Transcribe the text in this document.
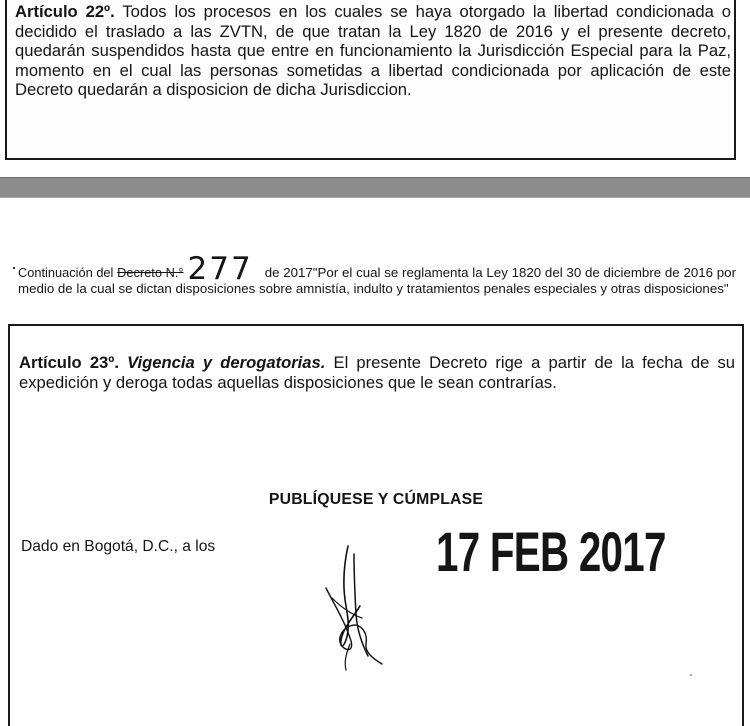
Artículo 22º. Todos los procesos en los cuales se haya otorgado la libertad condicionada o decidido el traslado a las ZVTN, de que tratan la Ley 1820 de 2016 y el presente decreto, quedarán suspendidos hasta que entre en funcionamiento la Jurisdicción Especial para la Paz, momento en el cual las personas sometidas a libertad condicionada por aplicación de este Decreto quedarán a disposicion de dicha Jurisdiccion.
Continuación del Decreto N.° 277 de 2017"Por el cual se reglamenta la Ley 1820 del 30 de diciembre de 2016 por medio de la cual se dictan disposiciones sobre amnistía, indulto y tratamientos penales especiales y otras disposiciones"
Artículo 23º. Vigencia y derogatorias. El presente Decreto rige a partir de la fecha de su expedición y deroga todas aquellas disposiciones que le sean contrarías.
PUBLÍQUESE Y CÚMPLASE
Dado en Bogotá, D.C., a los	17 FEB 2017
